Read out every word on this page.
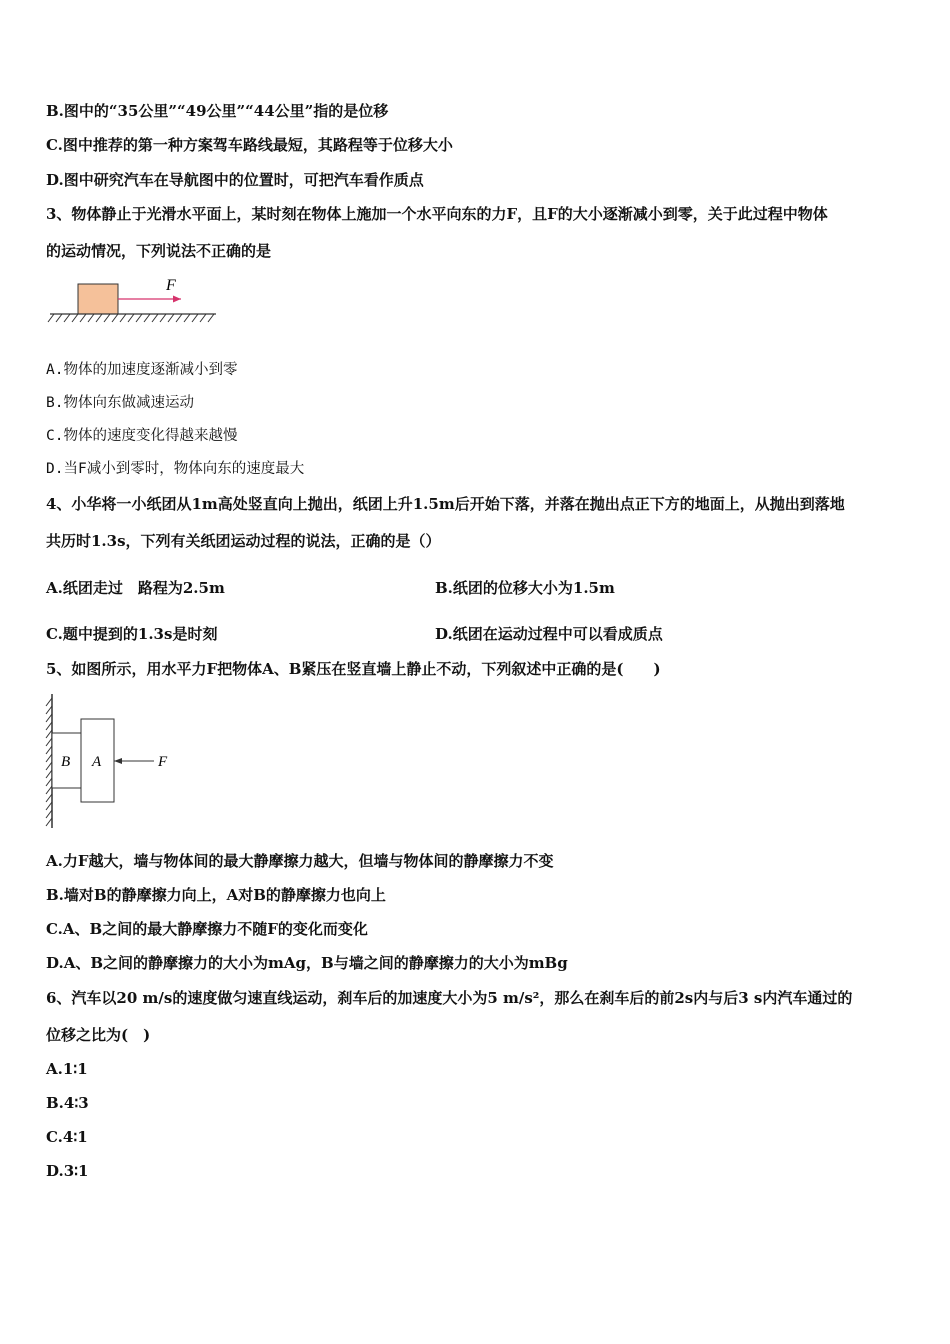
B.图中的“35公里”“49公里”“44公里”指的是位移
C.图中推荐的第一种方案驾车路线最短，其路程等于位移大小
D.图中研究汽车在导航图中的位置时，可把汽车看作质点
3、物体静止于光滑水平面上，某时刻在物体上施加一个水平向东的力F，且F的大小逐渐减小到零，关于此过程中物体
的运动情况，下列说法不正确的是
F
A.物体的加速度逐渐减小到零
B.物体向东做减速运动
C.物体的速度变化得越来越慢
D.当F减小到零时，物体向东的速度最大
4、小华将一小纸团从1m高处竖直向上抛出，纸团上升1.5m后开始下落，并落在抛出点正下方的地面上，从抛出到落地
共历时1.3s，下列有关纸团运动过程的说法，正确的是（）
A.纸团走过　路程为2.5m	B.纸团的位移大小为1.5m
C.题中提到的1.3s是时刻	D.纸团在运动过程中可以看成质点
5、如图所示，用水平力F把物体A、B紧压在竖直墙上静止不动，下列叙述中正确的是(　　)
B A	F
A.力F越大，墙与物体间的最大静摩擦力越大，但墙与物体间的静摩擦力不变
B.墙对B的静摩擦力向上，A对B的静摩擦力也向上
C.A、B之间的最大静摩擦力不随F的变化而变化
D.A、B之间的静摩擦力的大小为mAg，B与墙之间的静摩擦力的大小为mBg
6、汽车以20 m/s的速度做匀速直线运动，刹车后的加速度大小为5 m/s²，那么在刹车后的前2s内与后3 s内汽车通过的
位移之比为(　)
A.1∶1
B.4∶3
C.4∶1
D.3∶1
